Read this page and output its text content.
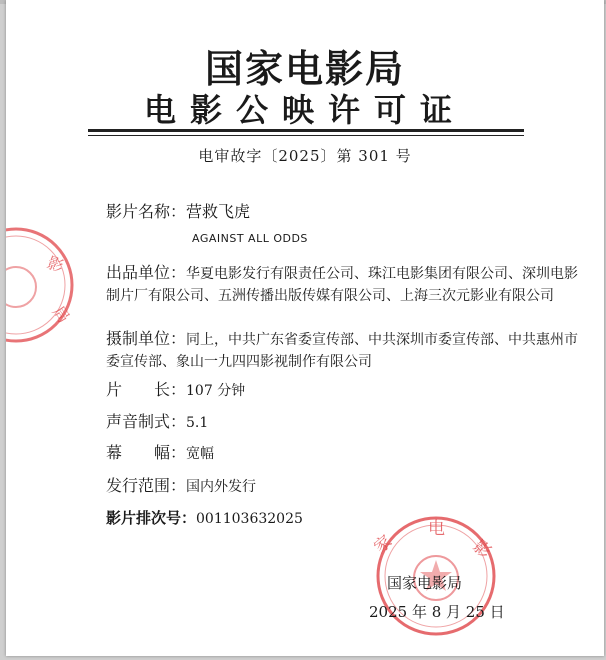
影
局
国家电影局
电影公映许可证
电审故字〔2025〕第 301 号
影片名称：营救飞虎
AGAINST ALL ODDS
出品单位：华夏电影发行有限责任公司、珠江电影集团有限公司、深圳电影制片厂有限公司、五洲传播出版传媒有限公司、上海三次元影业有限公司
摄制单位：同上，中共广东省委宣传部、中共深圳市委宣传部、中共惠州市委宣传部、象山一九四四影视制作有限公司
片　　长：107 分钟
声音制式：5.1
幕　　幅：宽幅
发行范围：国内外发行
影片排次号：001103632025
家
电
影
国家电影局
2025 年 8 月 25 日
